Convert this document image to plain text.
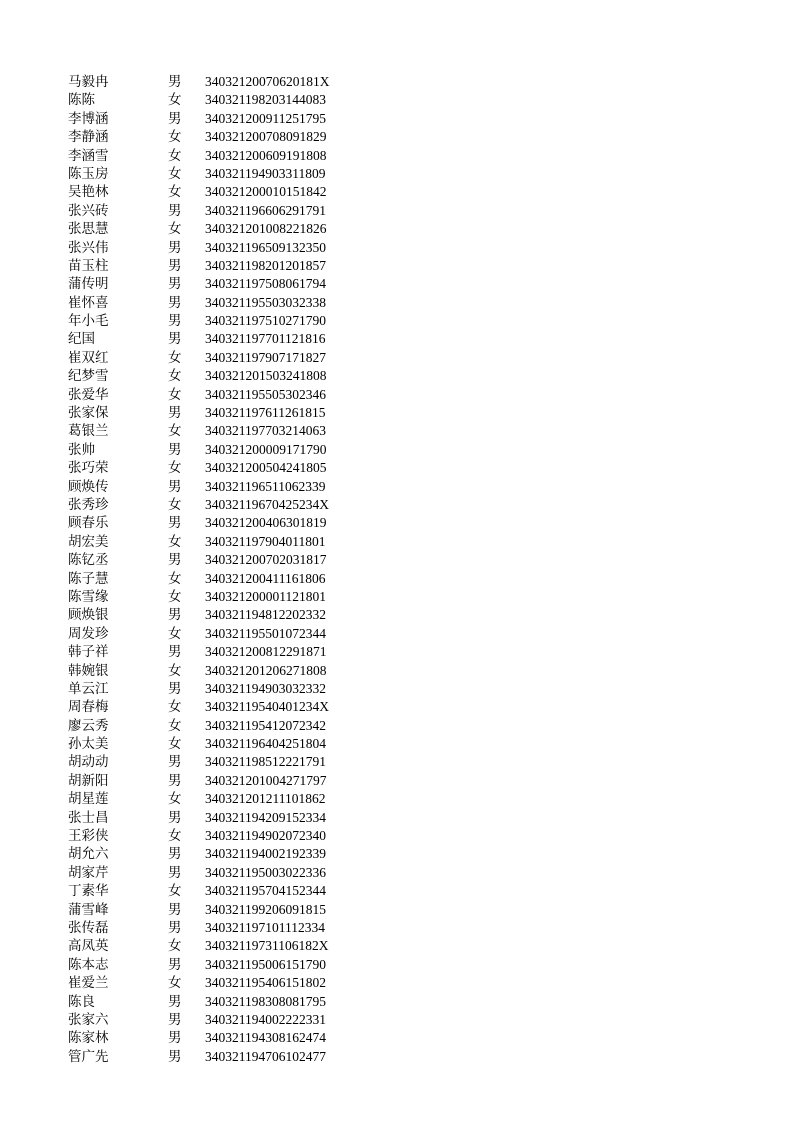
马毅冉	男 34032120070620181X
陈陈	女 340321198203144083
李博涵	男 340321200911251795
李静涵	女 340321200708091829
李涵雪	女 340321200609191808
陈玉房	女 340321194903311809
吴艳林	女 340321200010151842
张兴砖	男 340321196606291791
张思慧	女 340321201008221826
张兴伟	男 340321196509132350
苗玉柱	男 340321198201201857
蒲传明	男 340321197508061794
崔怀喜	男 340321195503032338
年小毛	男 340321197510271790
纪国	男 340321197701121816
崔双红	女 340321197907171827
纪梦雪	女 340321201503241808
张爱华	女 340321195505302346
张家保	男 340321197611261815
葛银兰	女 340321197703214063
张帅	男 340321200009171790
张巧荣	女 340321200504241805
顾焕传	男 340321196511062339
张秀珍	女 34032119670425234X
顾春乐	男 340321200406301819
胡宏美	女 340321197904011801
陈钇丞	男 340321200702031817
陈子慧	女 340321200411161806
陈雪缘	女 340321200001121801
顾焕银	男 340321194812202332
周发珍	女 340321195501072344
韩子祥	男 340321200812291871
韩婉银	女 340321201206271808
单云江	男 340321194903032332
周春梅	女 34032119540401234X
廖云秀	女 340321195412072342
孙太美	女 340321196404251804
胡动动	男 340321198512221791
胡新阳	男 340321201004271797
胡星莲	女 340321201211101862
张士昌	男 340321194209152334
王彩侠	女 340321194902072340
胡允六	男 340321194002192339
胡家芹	男 340321195003022336
丁素华	女 340321195704152344
蒲雪峰	男 340321199206091815
张传磊	男 340321197101112334
高凤英	女 34032119731106182X
陈本志	男 340321195006151790
崔爱兰	女 340321195406151802
陈良	男 340321198308081795
张家六	男 340321194002222331
陈家林	男 340321194308162474
管广先	男 340321194706102477
